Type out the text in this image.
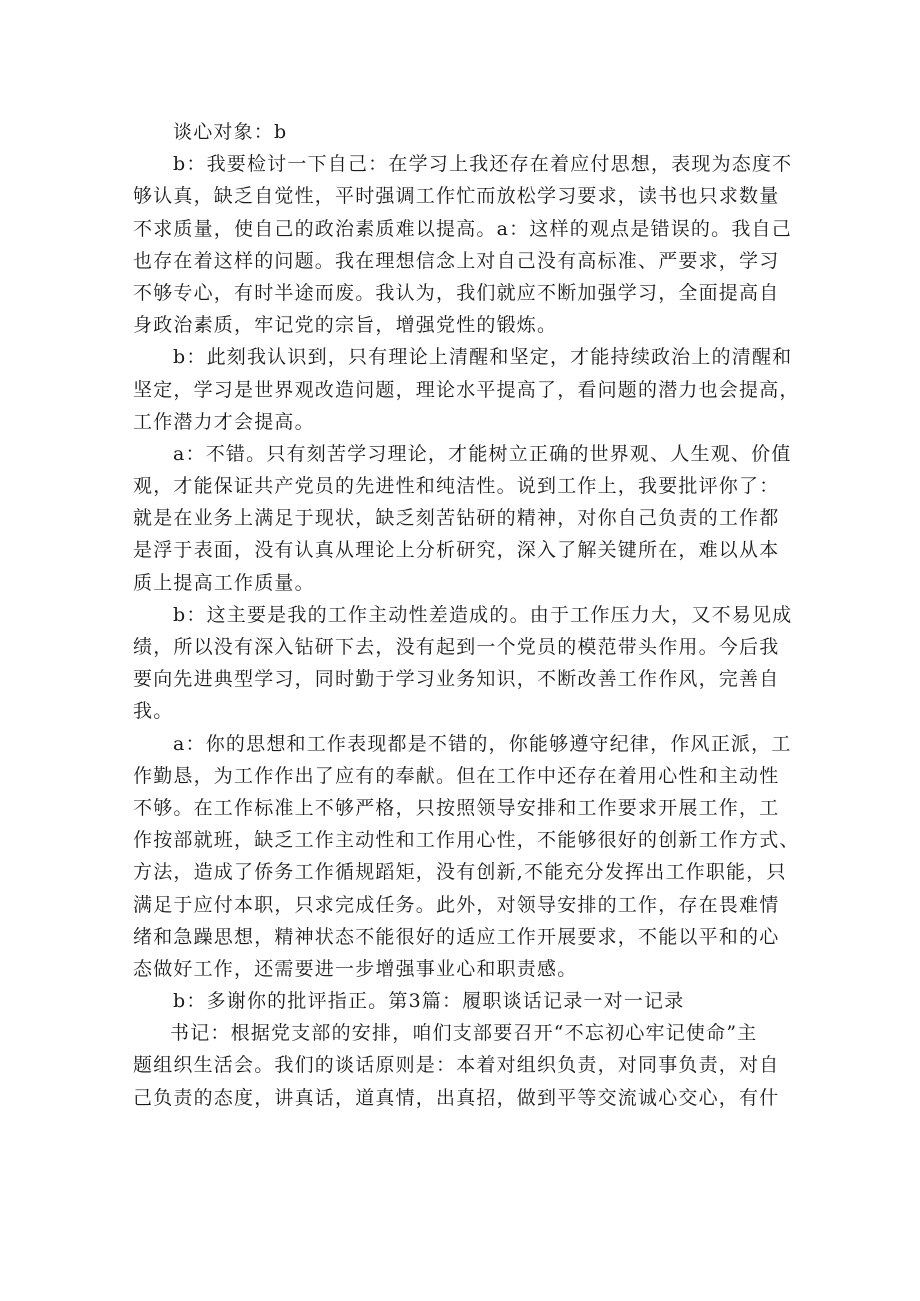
谈心对象：b
b：我要检讨一下自己：在学习上我还存在着应付思想，表现为态度不
够认真，缺乏自觉性，平时强调工作忙而放松学习要求，读书也只求数量
不求质量，使自己的政治素质难以提高。a：这样的观点是错误的。我自己
也存在着这样的问题。我在理想信念上对自己没有高标准、严要求，学习
不够专心，有时半途而废。我认为，我们就应不断加强学习，全面提高自
身政治素质，牢记党的宗旨，增强党性的锻炼。
b：此刻我认识到，只有理论上清醒和坚定，才能持续政治上的清醒和
坚定，学习是世界观改造问题，理论水平提高了，看问题的潜力也会提高，
工作潜力才会提高。
a：不错。只有刻苦学习理论，才能树立正确的世界观、人生观、价值
观，才能保证共产党员的先进性和纯洁性。说到工作上，我要批评你了：
就是在业务上满足于现状，缺乏刻苦钻研的精神，对你自己负责的工作都
是浮于表面，没有认真从理论上分析研究，深入了解关键所在，难以从本
质上提高工作质量。
b：这主要是我的工作主动性差造成的。由于工作压力大，又不易见成
绩，所以没有深入钻研下去，没有起到一个党员的模范带头作用。今后我
要向先进典型学习，同时勤于学习业务知识，不断改善工作作风，完善自
我。
a：你的思想和工作表现都是不错的，你能够遵守纪律，作风正派，工
作勤恳，为工作作出了应有的奉献。但在工作中还存在着用心性和主动性
不够。在工作标准上不够严格，只按照领导安排和工作要求开展工作，工
作按部就班，缺乏工作主动性和工作用心性，不能够很好的创新工作方式、
方法，造成了侨务工作循规蹈矩，没有创新,不能充分发挥出工作职能，只
满足于应付本职，只求完成任务。此外，对领导安排的工作，存在畏难情
绪和急躁思想，精神状态不能很好的适应工作开展要求，不能以平和的心
态做好工作，还需要进一步增强事业心和职责感。
b：多谢你的批评指正。第3篇：履职谈话记录一对一记录
书记：根据党支部的安排，咱们支部要召开“不忘初心牢记使命”主
题组织生活会。我们的谈话原则是：本着对组织负责，对同事负责，对自
己负责的态度，讲真话，道真情，出真招，做到平等交流诚心交心，有什
